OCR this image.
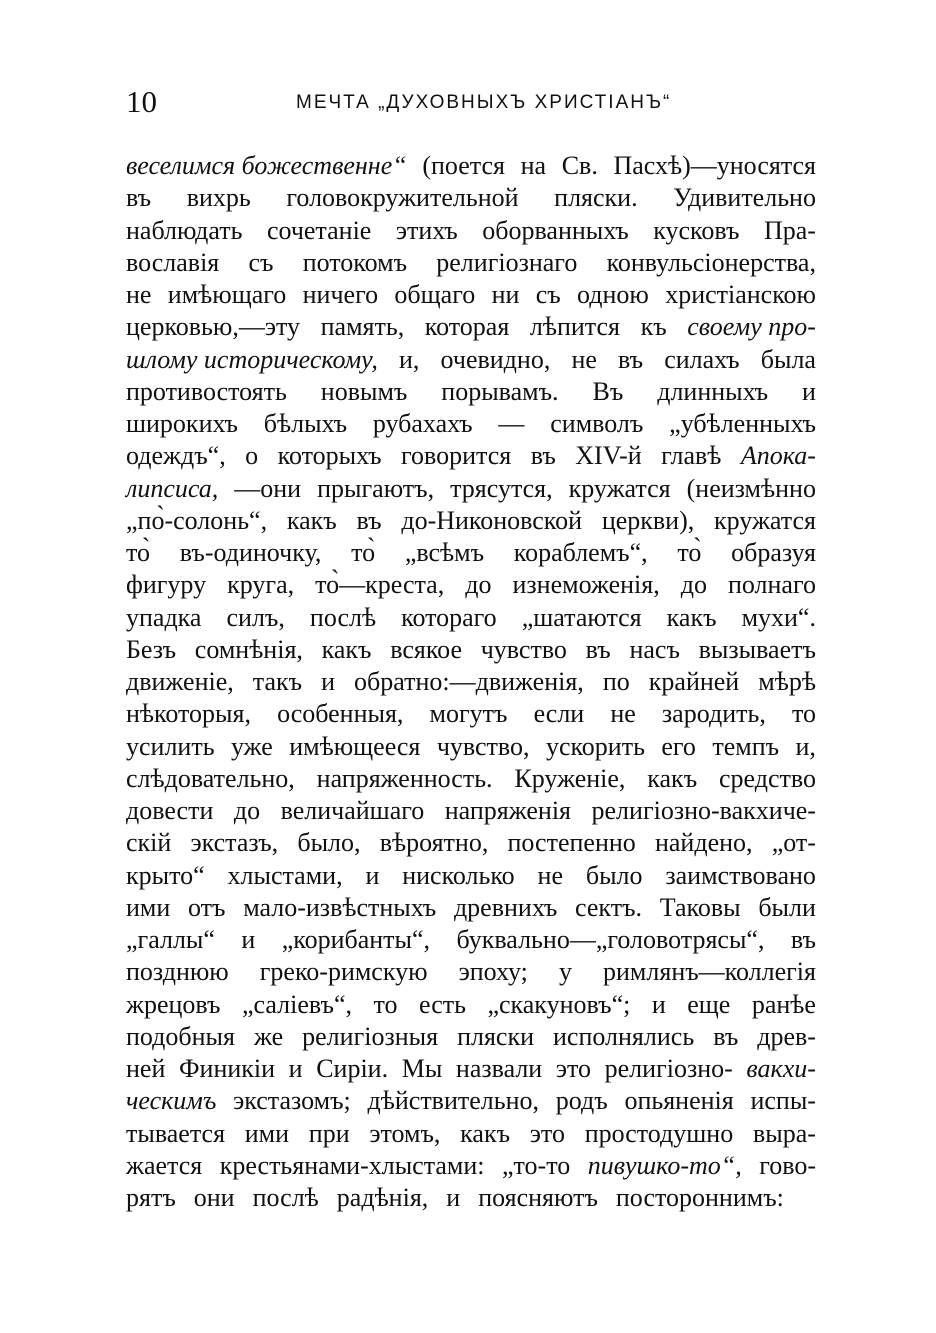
10	МЕЧТА „ДУХОВНЫХЪ ХРИСТІАНЪ“
веселимся божественне“ (поется на Св. Пасхѣ)—уносятся
въ вихрь головокружительной пляски. Удивительно
наблюдать сочетаніе этихъ оборванныхъ кусковъ Пра-
вославія съ потокомъ религіознаго конвульсіонерства,
не имѣющаго ничего общаго ни съ одною христіанскою
церковью,—эту память, которая лѣпится къ своему про-
шлому историческому, и, очевидно, не въ силахъ была
противостоять новымъ порывамъ. Въ длинныхъ и
широкихъ бѣлыхъ рубахахъ — символъ „убѣленныхъ
одеждъ“, о которыхъ говорится въ XIV-й главѣ Апока-
липсиса, —они прыгаютъ, трясутся, кружатся (неизмѣнно
„по̀-солонь“, какъ въ до-Никоновской церкви), кружатся
то̀ въ-одиночку, то̀ „всѣмъ кораблемъ“, то̀ образуя
фигуру круга, то̀—креста, до изнеможенія, до полнаго
упадка силъ, послѣ котораго „шатаются какъ мухи“.
Безъ сомнѣнія, какъ всякое чувство въ насъ вызываетъ
движеніе, такъ и обратно:—движенія, по крайней мѣрѣ
нѣкоторыя, особенныя, могутъ если не зародить, то
усилить уже имѣющееся чувство, ускорить его темпъ и,
слѣдовательно, напряженность. Круженіе, какъ средство
довести до величайшаго напряженія религіозно-вакхиче-
скій экстазъ, было, вѣроятно, постепенно найдено, „от-
крыто“ хлыстами, и нисколько не было заимствовано
ими отъ мало-извѣстныхъ древнихъ сектъ. Таковы были
„галлы“ и „корибанты“, буквально—„головотрясы“, въ
позднюю греко-римскую эпоху; у римлянъ—коллегія
жрецовъ „саліевъ“, то есть „скакуновъ“; и еще ранѣе
подобныя же религіозныя пляски исполнялись въ древ-
ней Финикіи и Сиріи. Мы назвали это религіозно- вакхи-
ческимъ экстазомъ; дѣйствительно, родъ опьяненія испы-
тывается ими при этомъ, какъ это простодушно выра-
жается крестьянами-хлыстами: „то-то пивушко-то“, гово-
рятъ они послѣ радѣнія, и поясняютъ постороннимъ:
